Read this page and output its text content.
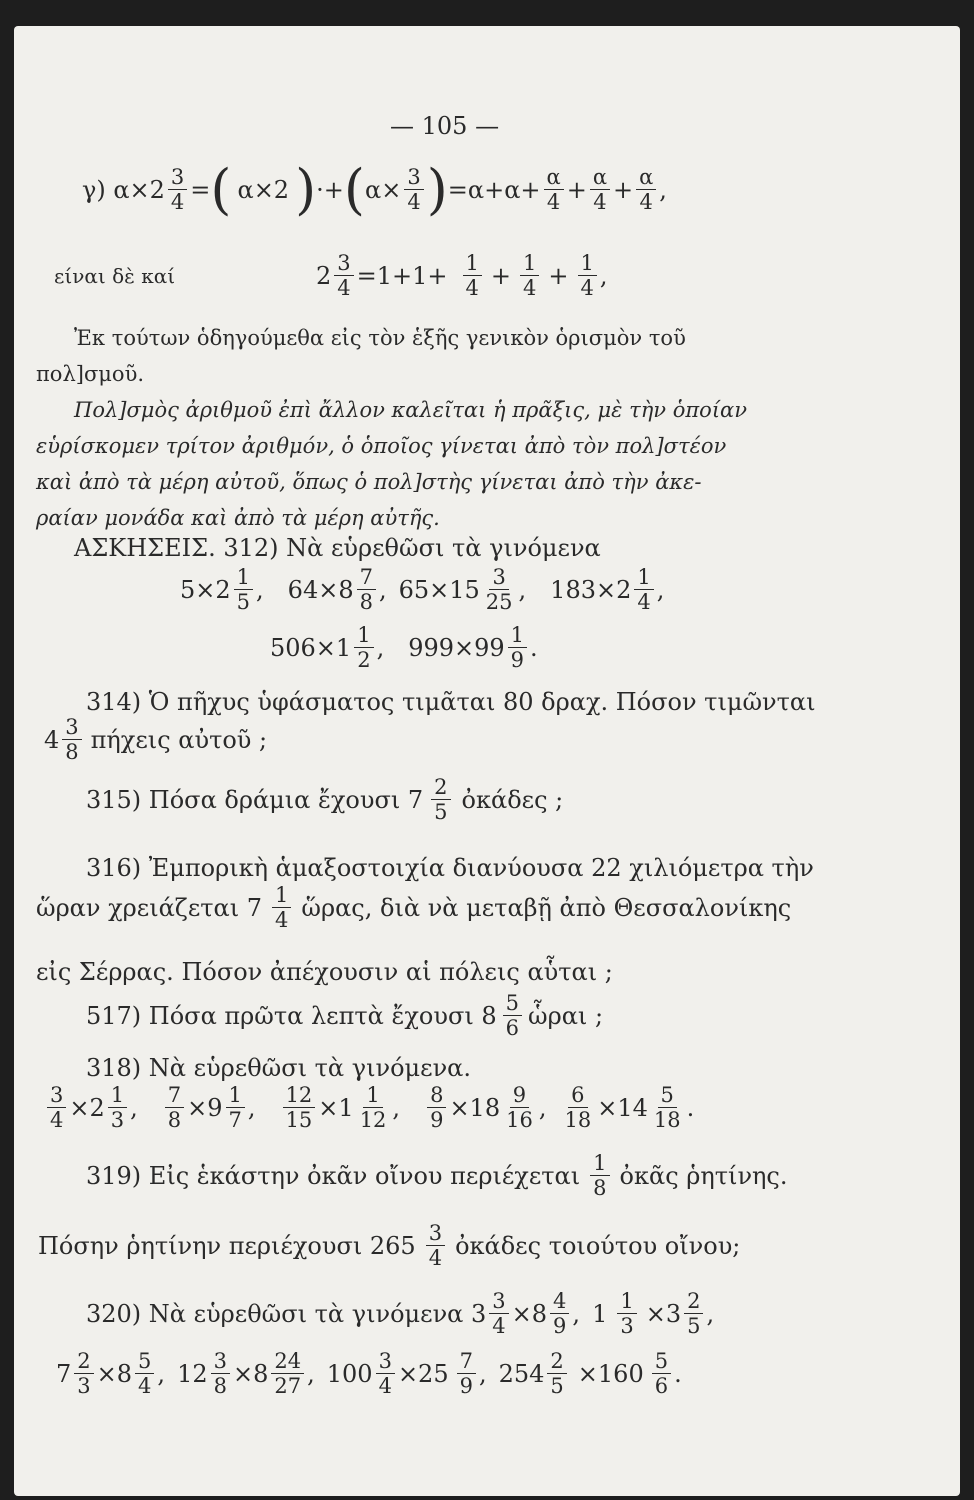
— 105 —
γ) $\alpha\times 2 \frac{3}{4}$ = ( α×2 ) ·+ ( $\alpha\times \frac{3}{4}$ ) $=\alpha+\alpha+ \frac{\alpha}{4} + \frac{\alpha}{4} + \frac{\alpha}{4}$ ,
είναι δὲ καί	$2 \frac{3}{4} =1+1+ 1$
$4 + \frac{1}{4} + \frac{1}{4}$ ,
Ἐκ τούτων ὁδηγούμεθα εἰς τὸν ἑξῆς γενικὸν ὁρισμὸν τοῦ
πολ]σμοῦ.
Πολ]σμὸς ἀριθμοῦ ἐπὶ ἄλλον καλεῖται ἡ πρᾶξις, μὲ τὴν ὁποίαν
εὑρίσκομεν τρίτον ἀριθμόν, ὁ ὁποῖος γίνεται ἀπὸ τὸν πολ]στέον
καὶ ἀπὸ τὰ μέρη αὐτοῦ, ὅπως ὁ πολ]στὴς γίνεται ἀπὸ τὴν ἀκε-
ραίαν μονάδα καὶ ἀπὸ τὰ μέρη αὐτῆς.
ΑΣΚΗΣΕΙΣ. 312) Νὰ εὑρεθῶσι τὰ γινόμενα
5×2 1
5 , 64×8 7
8 , 65×15 3
25 , 183×2 1
4 ,
506×1 1
2 , 999×99 1
9 .
314) Ὁ πῆχυς ὑφάσματος τιμᾶται 80 δραχ. Πόσον τιμῶνται
4 3
8 πήχεις αὐτοῦ ;
315) Πόσα δράμια ἔχουσι 7 2
5 ὀκάδες ;
316) Ἐμπορικὴ ἁμαξοστοιχία διανύουσα 22 χιλιόμετρα τὴν
ὥραν χρειάζεται 7 1
4 ὥρας, διὰ νὰ μεταβῇ ἀπὸ Θεσσαλονίκης
εἰς Σέρρας. Πόσον ἀπέχουσιν αἱ πόλεις αὗται ;
517) Πόσα πρῶτα λεπτὰ ἔχουσι 8 5
6 ὧραι ;
318) Νὰ εὑρεθῶσι τὰ γινόμενα.
$\frac{3}{4} \times 2$ 1
3 , $\frac{7}{8} \times 9$ 1
7 , $\frac{12}{15} \times 1$ 1
12 , $\frac{8}{9} \times 18$ 9
16 , $\frac{6}{18} \times 14$ 5
18 .
319) Εἰς ἑκάστην ὀκᾶν οἴνου περιέχεται 1
8 ὀκᾶς ῥητίνης.
Πόσην ῥητίνην περιέχουσι 265 3
4 ὀκάδες τοιούτου οἴνου;
320) Νὰ εὑρεθῶσι τὰ γινόμενα $3 \frac{3}{4} \times 8$ 4
9 , $1 \frac{1}{3} \times 3$ 2
5 ,
$7 \frac{2}{3} \times 8$ 5
4 , $12 \frac{3}{8} \times 8$ 24
27 , $100 \frac{3}{4} \times 25$ 7
9 , $254 \frac{2}{5} \times 160$ 5
6 .
